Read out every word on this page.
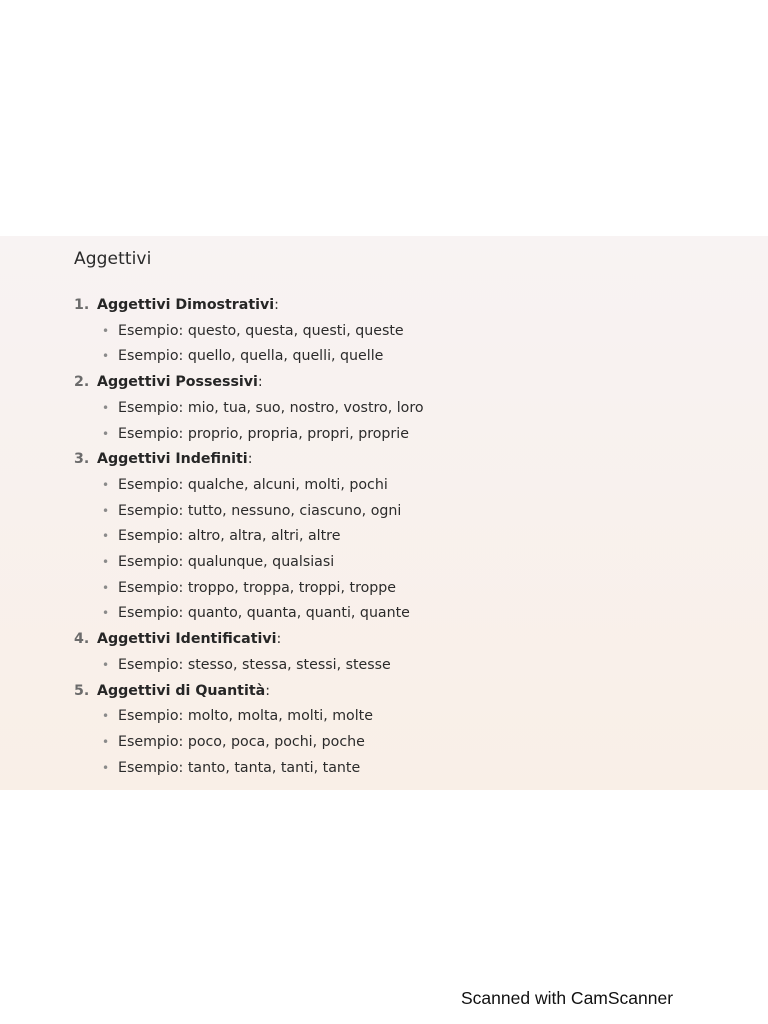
Aggettivi
1. Aggettivi Dimostrativi:
• Esempio: questo, questa, questi, queste
• Esempio: quello, quella, quelli, quelle
2. Aggettivi Possessivi:
• Esempio: mio, tua, suo, nostro, vostro, loro
• Esempio: proprio, propria, propri, proprie
3. Aggettivi Indefiniti:
• Esempio: qualche, alcuni, molti, pochi
• Esempio: tutto, nessuno, ciascuno, ogni
• Esempio: altro, altra, altri, altre
• Esempio: qualunque, qualsiasi
• Esempio: troppo, troppa, troppi, troppe
• Esempio: quanto, quanta, quanti, quante
4. Aggettivi Identificativi:
• Esempio: stesso, stessa, stessi, stesse
5. Aggettivi di Quantità:
• Esempio: molto, molta, molti, molte
• Esempio: poco, poca, pochi, poche
• Esempio: tanto, tanta, tanti, tante
Scanned with CamScanner
